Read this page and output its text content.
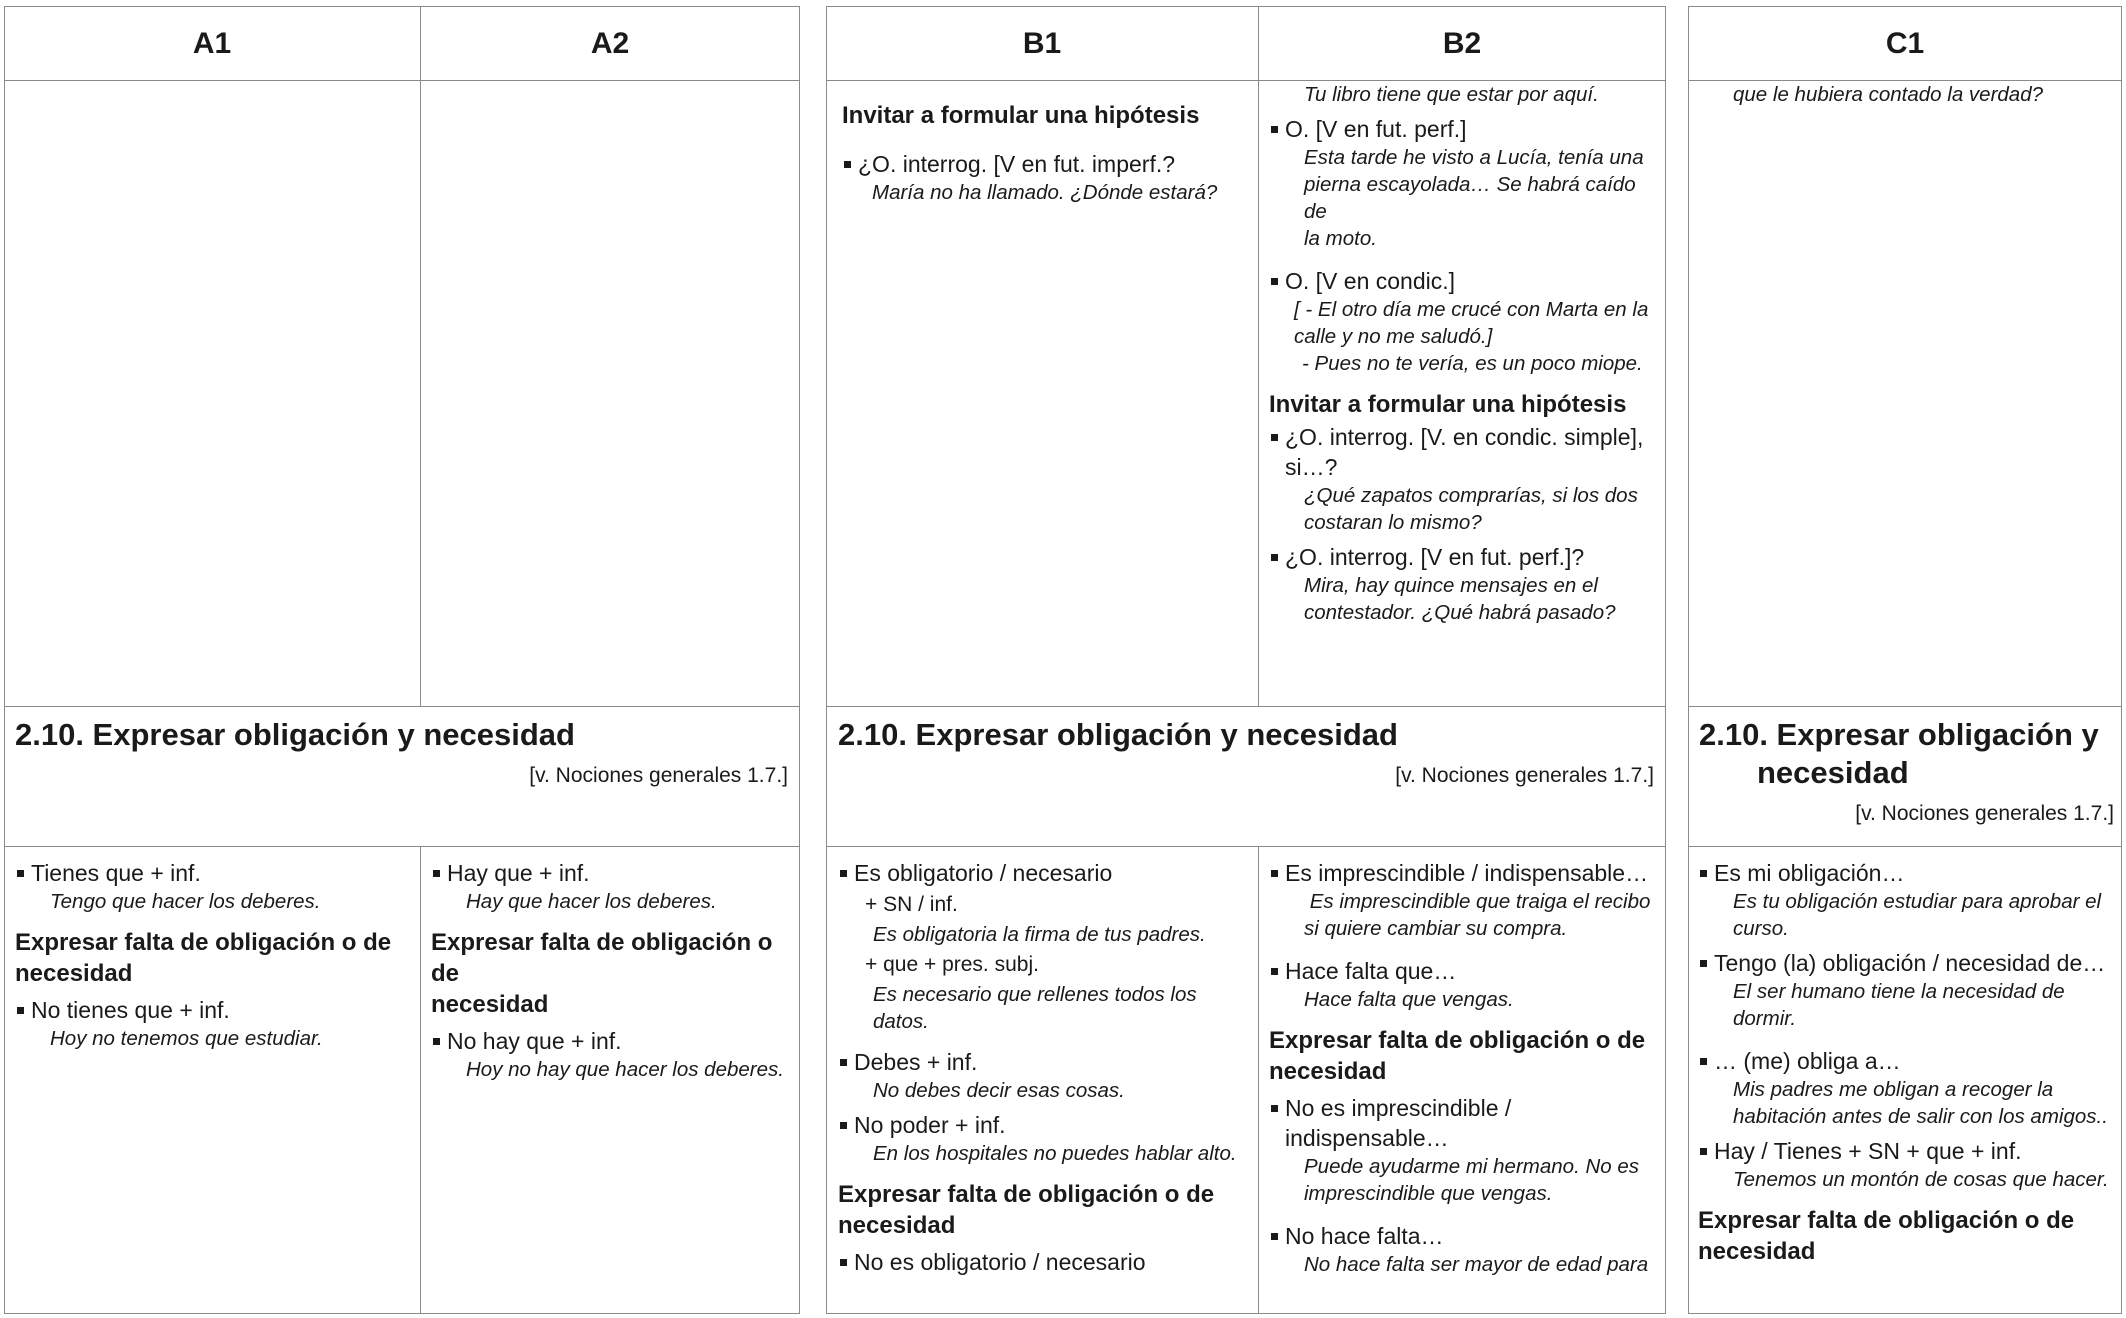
A1	A2
2.10. Expresar obligación y necesidad
[v. Nociones generales 1.7.]
Tienes que + inf.
Tengo que hacer los deberes.
Expresar falta de obligación o de
necesidad
No tienes que + inf.
Hoy no tenemos que estudiar.
Hay que + inf.
Hay que hacer los deberes.
Expresar falta de obligación o de
necesidad
No hay que + inf.
Hoy no hay que hacer los deberes.
B1	B2
Invitar a formular una hipótesis
¿O. interrog. [V en fut. imperf.?
María no ha llamado. ¿Dónde estará?
Tu libro tiene que estar por aquí.
O. [V en fut. perf.]
Esta tarde he visto a Lucía, tenía una
pierna escayolada… Se habrá caído de
la moto.
O. [V en condic.]
[ - El otro día me crucé con Marta en la
calle y no me saludó.]
- Pues no te vería, es un poco miope.
Invitar a formular una hipótesis
¿O. interrog. [V. en condic. simple],
si…?
¿Qué zapatos comprarías, si los dos
costaran lo mismo?
¿O. interrog. [V en fut. perf.]?
Mira, hay quince mensajes en el
contestador. ¿Qué habrá pasado?
2.10. Expresar obligación y necesidad
[v. Nociones generales 1.7.]
Es obligatorio / necesario
+ SN / inf.
Es obligatoria la firma de tus padres.
+ que + pres. subj.
Es necesario que rellenes todos los datos.
Debes + inf.
No debes decir esas cosas.
No poder + inf.
En los hospitales no puedes hablar alto.
Expresar falta de obligación o de
necesidad
No es obligatorio / necesario
Es imprescindible / indispensable…
Es imprescindible que traiga el recibo
si quiere cambiar su compra.
Hace falta que…
Hace falta que vengas.
Expresar falta de obligación o de
necesidad
No es imprescindible /
indispensable…
Puede ayudarme mi hermano. No es
imprescindible que vengas.
No hace falta…
No hace falta ser mayor de edad para
C1
que le hubiera contado la verdad?
2.10. Expresar obligación y
necesidad
[v. Nociones generales 1.7.]
Es mi obligación…
Es tu obligación estudiar para aprobar el
curso.
Tengo (la) obligación / necesidad de…
El ser humano tiene la necesidad de
dormir.
… (me) obliga a…
Mis padres me obligan a recoger la
habitación antes de salir con los amigos..
Hay / Tienes + SN + que + inf.
Tenemos un montón de cosas que hacer.
Expresar falta de obligación o de
necesidad
